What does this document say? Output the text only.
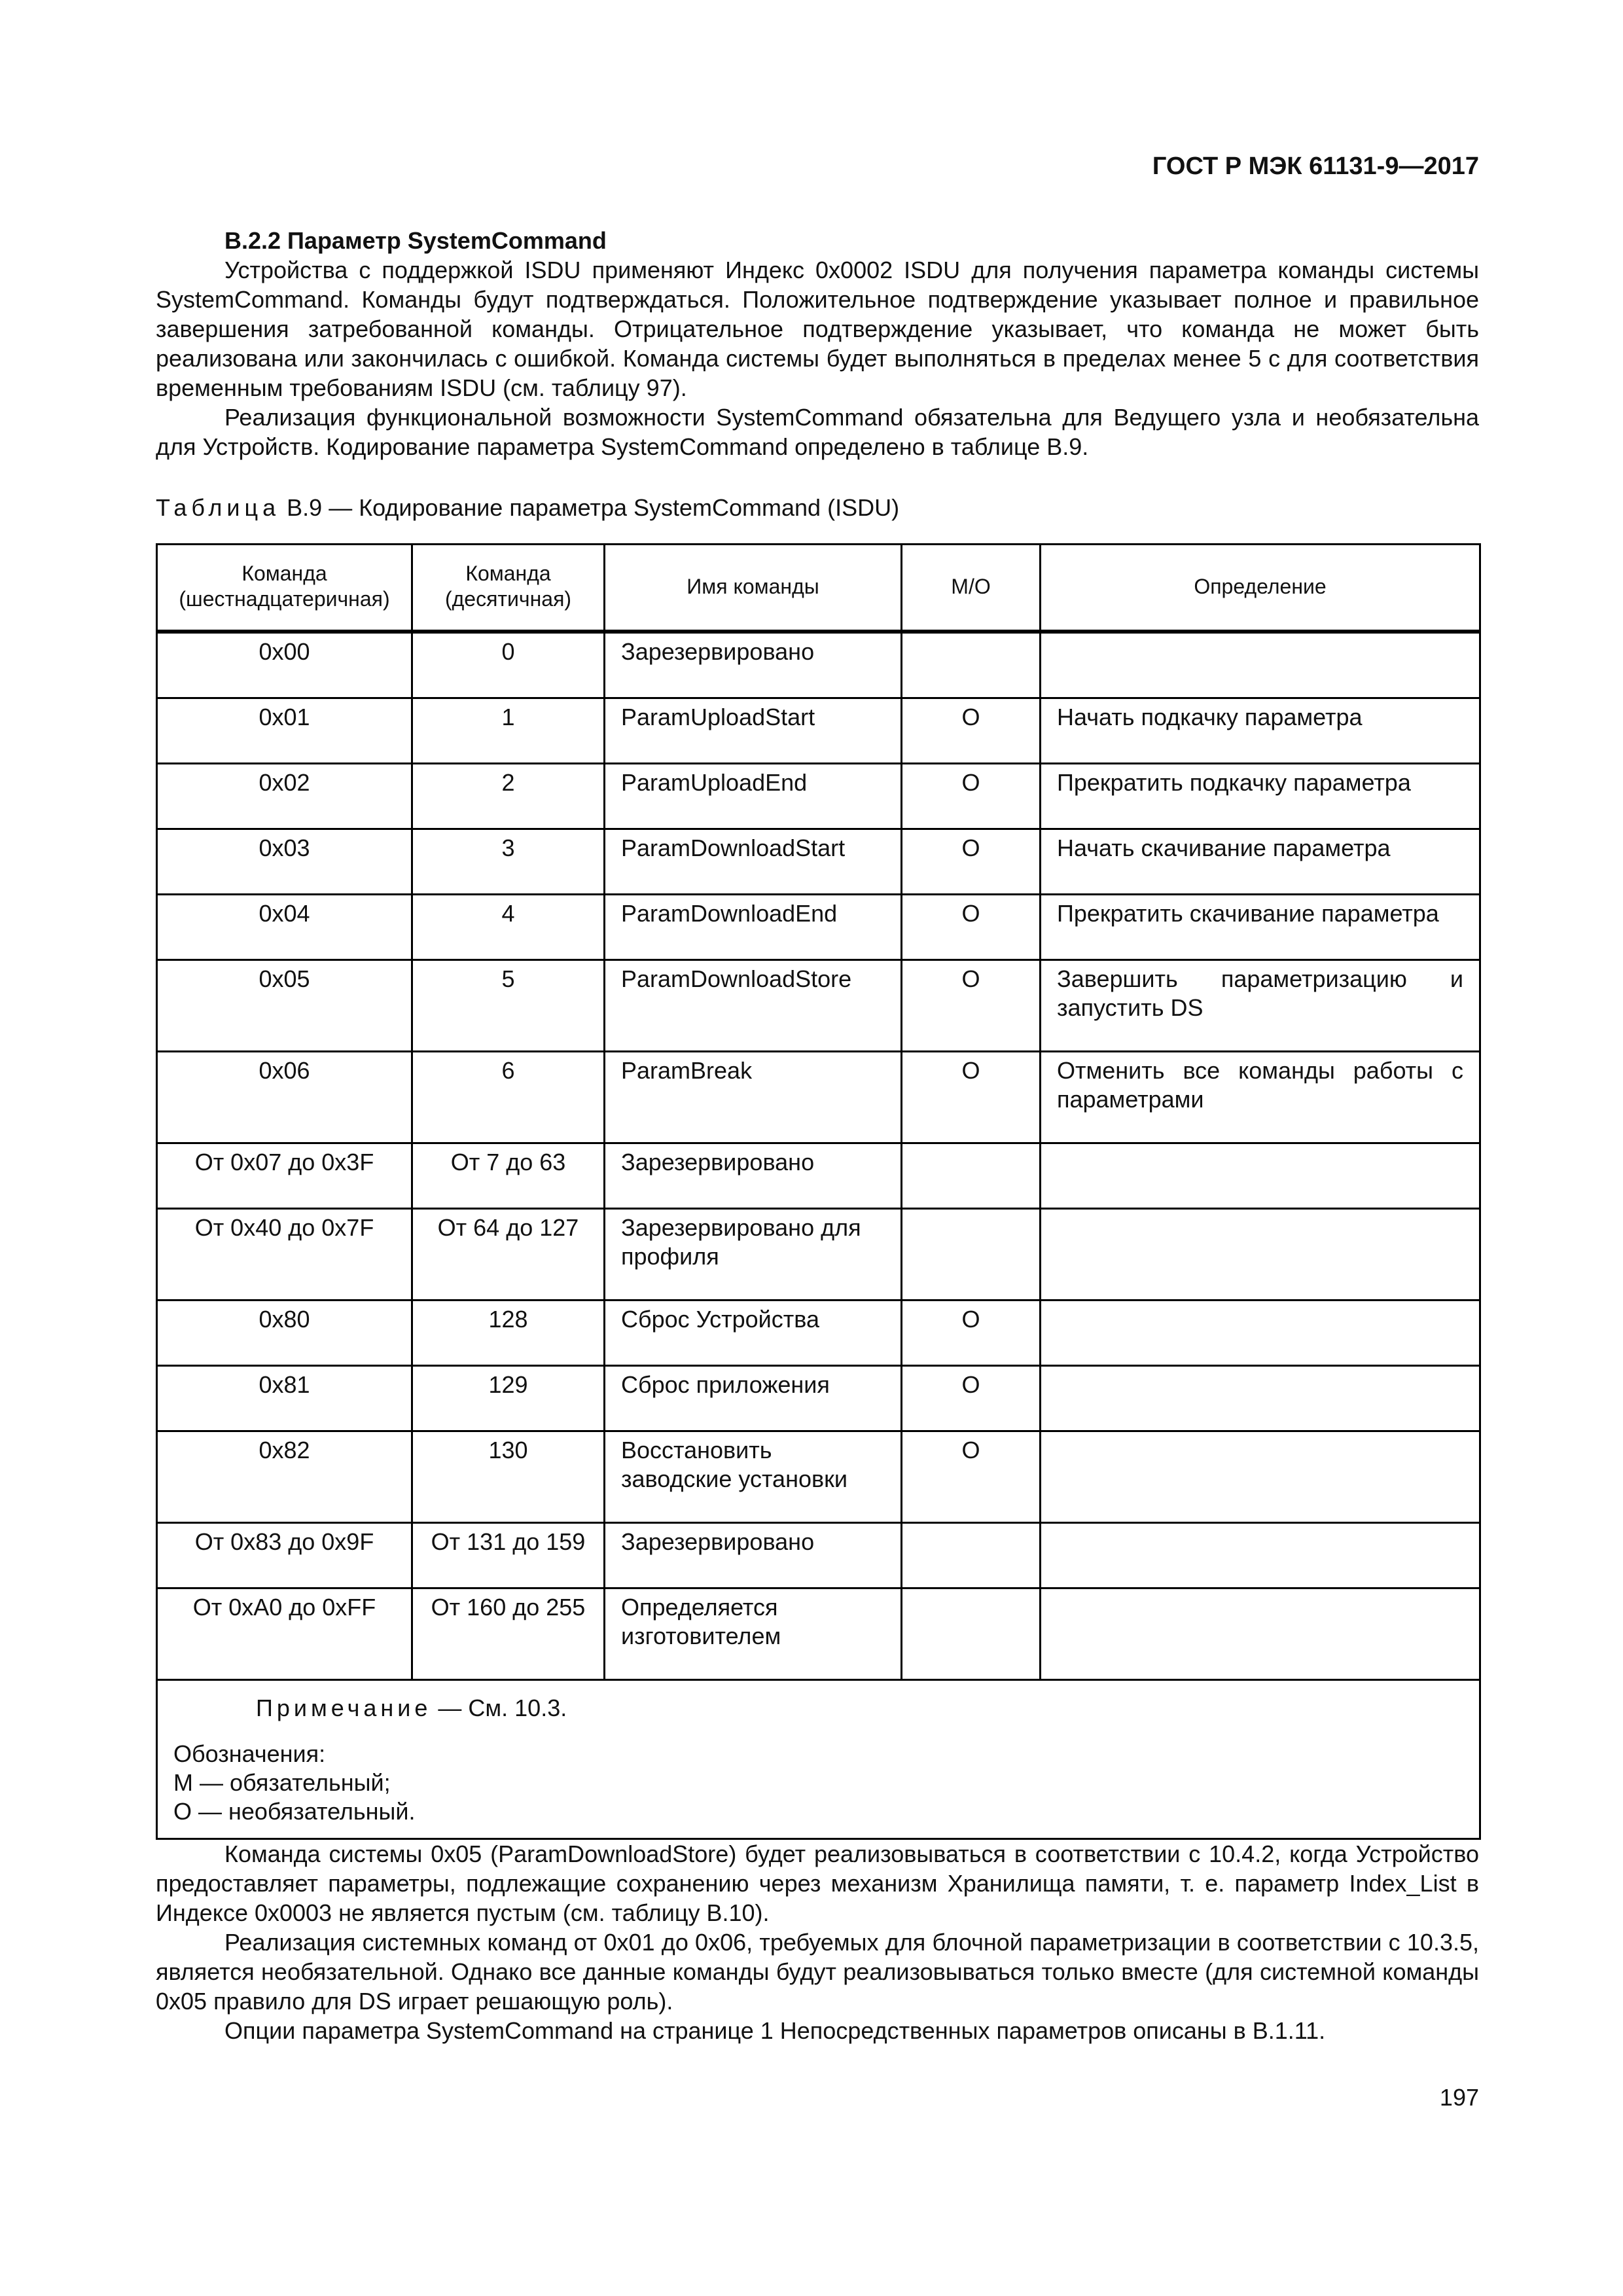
ГОСТ Р МЭК 61131-9—2017

B.2.2 Параметр SystemCommand

Устройства с поддержкой ISDU применяют Индекс 0x0002 ISDU для получения параметра команды системы SystemCommand. Команды будут подтверждаться. Положительное подтверждение указывает полное и правильное завершения затребованной команды. Отрицательное подтверждение указывает, что команда не может быть реализована или закончилась с ошибкой. Команда системы будет выполняться в пределах менее 5 с для соответствия временным требованиям ISDU (см. таблицу 97).

Реализация функциональной возможности SystemCommand обязательна для Ведущего узла и необязательна для Устройств. Кодирование параметра SystemCommand определено в таблице B.9.

Таблица B.9 — Кодирование параметра SystemCommand (ISDU)
Команда (шестнадцатеричная)	Команда (десятичная)	Имя команды	M/O	Определение
0x00	0	Зарезервировано		
0x01	1	ParamUploadStart	O	Начать подкачку параметра
0x02	2	ParamUploadEnd	O	Прекратить подкачку параметра
0x03	3	ParamDownloadStart	O	Начать скачивание параметра
0x04	4	ParamDownloadEnd	O	Прекратить скачивание параметра
0x05	5	ParamDownloadStore	O	Завершить параметризацию и запустить DS
0x06	6	ParamBreak	O	Отменить все команды работы с параметрами
От 0x07 до 0x3F	От 7 до 63	Зарезервировано		
От 0x40 до 0x7F	От 64 до 127	Зарезервировано для профиля		
0x80	128	Сброс Устройства	O	
0x81	129	Сброс приложения	O	
0x82	130	Восстановить заводские установки	O	
От 0x83 до 0x9F	От 131 до 159	Зарезервировано		
От 0xA0 до 0xFF	От 160 до 255	Определяется изготовителем		

Примечание — См. 10.3.

Обозначения:

M — обязательный;

O — необязательный.				

Команда системы 0x05 (ParamDownloadStore) будет реализовываться в соответствии с 10.4.2, когда Устройство предоставляет параметры, подлежащие сохранению через механизм Хранилища памяти, т. е. параметр Index_List в Индексе 0x0003 не является пустым (см. таблицу B.10).

Реализация системных команд от 0x01 до 0x06, требуемых для блочной параметризации в соответствии с 10.3.5, является необязательной. Однако все данные команды будут реализовываться только вместе (для системной команды 0x05 правило для DS играет решающую роль).

Опции параметра SystemCommand на странице 1 Непосредственных параметров описаны в B.1.11.

197
